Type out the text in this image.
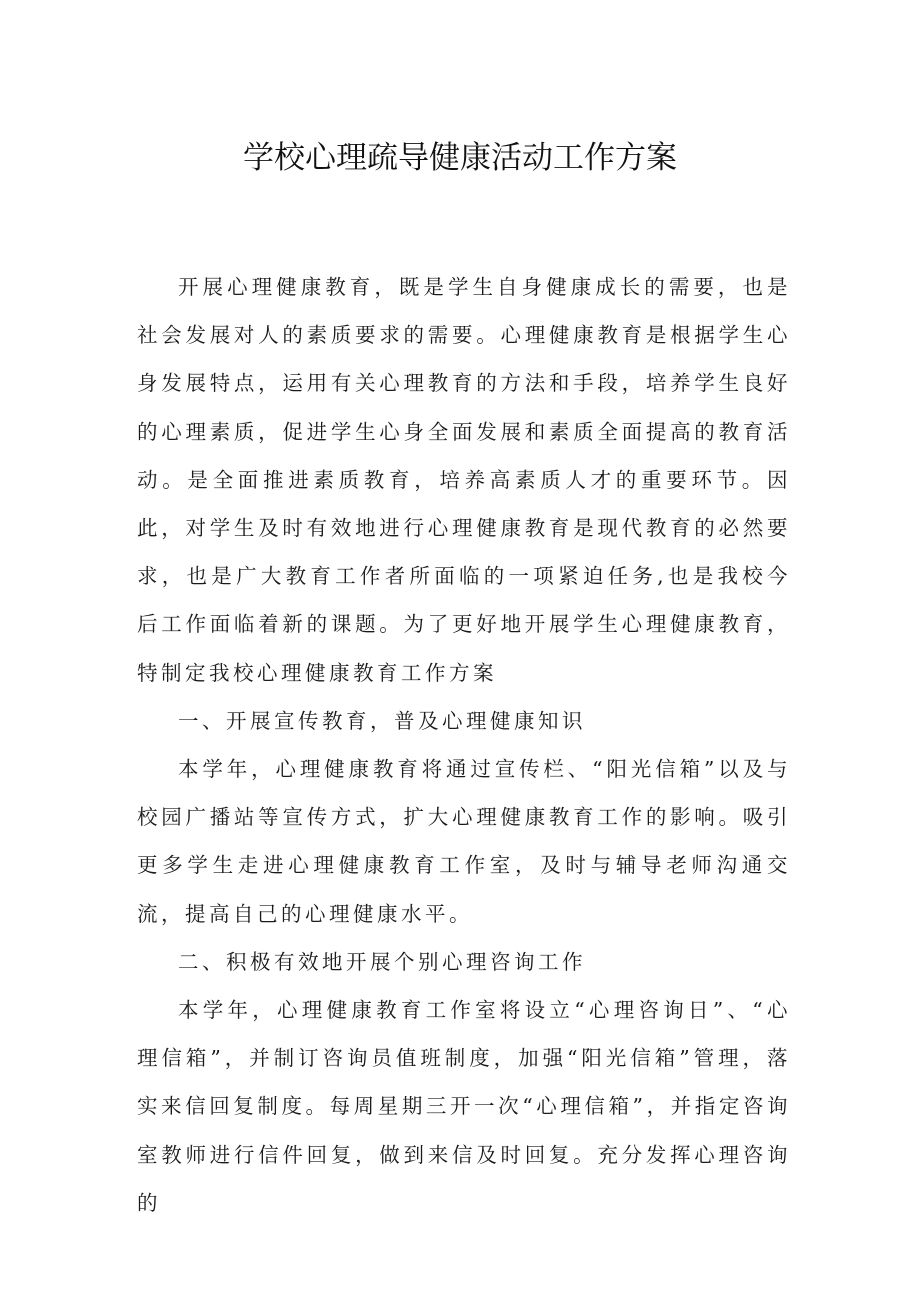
学校心理疏导健康活动工作方案

开展心理健康教育，既是学生自身健康成长的需要，也是社会发展对人的素质要求的需要。心理健康教育是根据学生心身发展特点，运用有关心理教育的方法和手段，培养学生良好的心理素质，促进学生心身全面发展和素质全面提高的教育活动。是全面推进素质教育，培养高素质人才的重要环节。因此，对学生及时有效地进行心理健康教育是现代教育的必然要求，也是广大教育工作者所面临的一项紧迫任务,也是我校今后工作面临着新的课题。为了更好地开展学生心理健康教育，特制定我校心理健康教育工作方案

一、开展宣传教育，普及心理健康知识

本学年，心理健康教育将通过宣传栏、“阳光信箱”以及与校园广播站等宣传方式，扩大心理健康教育工作的影响。吸引更多学生走进心理健康教育工作室，及时与辅导老师沟通交流，提高自己的心理健康水平。

二、积极有效地开展个别心理咨询工作

本学年，心理健康教育工作室将设立“心理咨询日”、“心理信箱”，并制订咨询员值班制度，加强“阳光信箱”管理，落实来信回复制度。每周星期三开一次“心理信箱”，并指定咨询室教师进行信件回复，做到来信及时回复。充分发挥心理咨询的
